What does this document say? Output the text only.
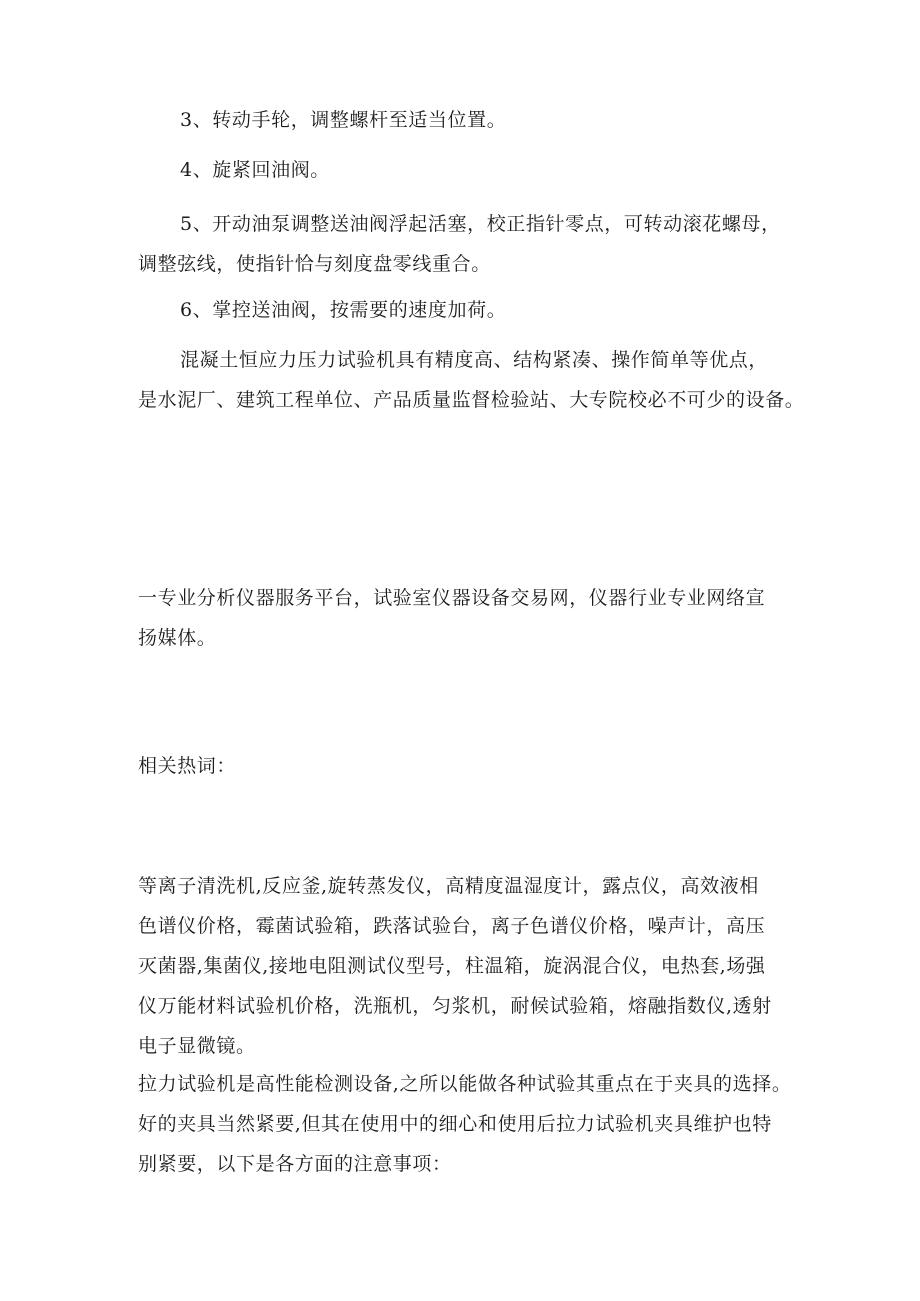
3、转动手轮，调整螺杆至适当位置。

4、旋紧回油阀。

5、开动油泵调整送油阀浮起活塞，校正指针零点，可转动滚花螺母，
调整弦线，使指针恰与刻度盘零线重合。

6、掌控送油阀，按需要的速度加荷。

混凝土恒应力压力试验机具有精度高、结构紧凑、操作简单等优点，
是水泥厂、建筑工程单位、产品质量监督检验站、大专院校必不可少的设备。

一专业分析仪器服务平台，试验室仪器设备交易网，仪器行业专业网络宣
扬媒体。

相关热词：

等离子清洗机,反应釜,旋转蒸发仪，高精度温湿度计，露点仪，高效液相
色谱仪价格，霉菌试验箱，跌落试验台，离子色谱仪价格，噪声计，高压
灭菌器,集菌仪,接地电阻测试仪型号，柱温箱，旋涡混合仪，电热套,场强
仪万能材料试验机价格，洗瓶机，匀浆机，耐候试验箱，熔融指数仪,透射
电子显微镜。

拉力试验机是高性能检测设备,之所以能做各种试验其重点在于夹具的选择。
好的夹具当然紧要,但其在使用中的细心和使用后拉力试验机夹具维护也特
别紧要，以下是各方面的注意事项：
